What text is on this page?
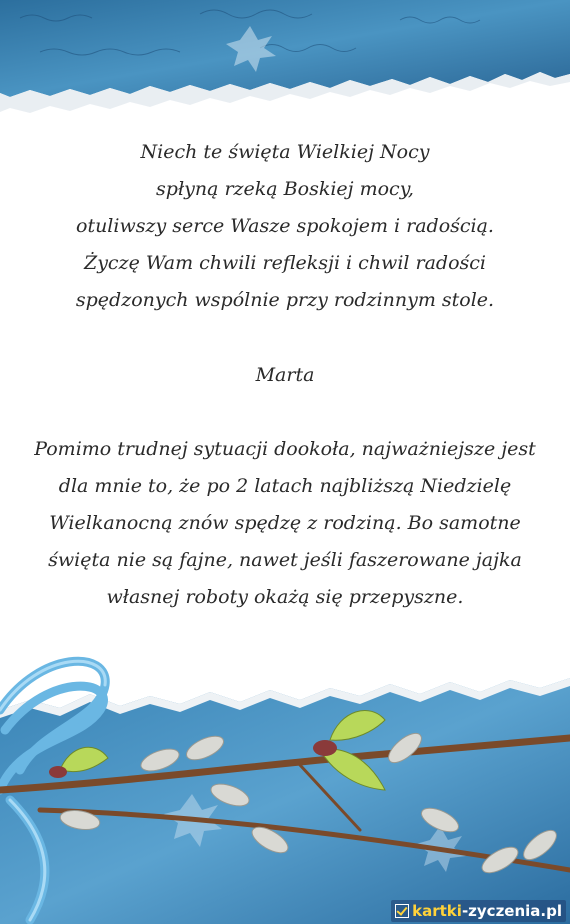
Niech te święta Wielkiej Nocy
spłyną rzeką Boskiej mocy,
otuliwszy serce Wasze spokojem i radością.
Życzę Wam chwili refleksji i chwil radości
spędzonych wspólnie przy rodzinnym stole.
Marta
Pomimo trudnej sytuacji dookoła, najważniejsze jest
dla mnie to, że po 2 latach najbliższą Niedzielę
Wielkanocną znów spędzę z rodziną. Bo samotne
święta nie są fajne, nawet jeśli faszerowane jajka
własnej roboty okażą się przepyszne.
kartki-zyczenia.pl
